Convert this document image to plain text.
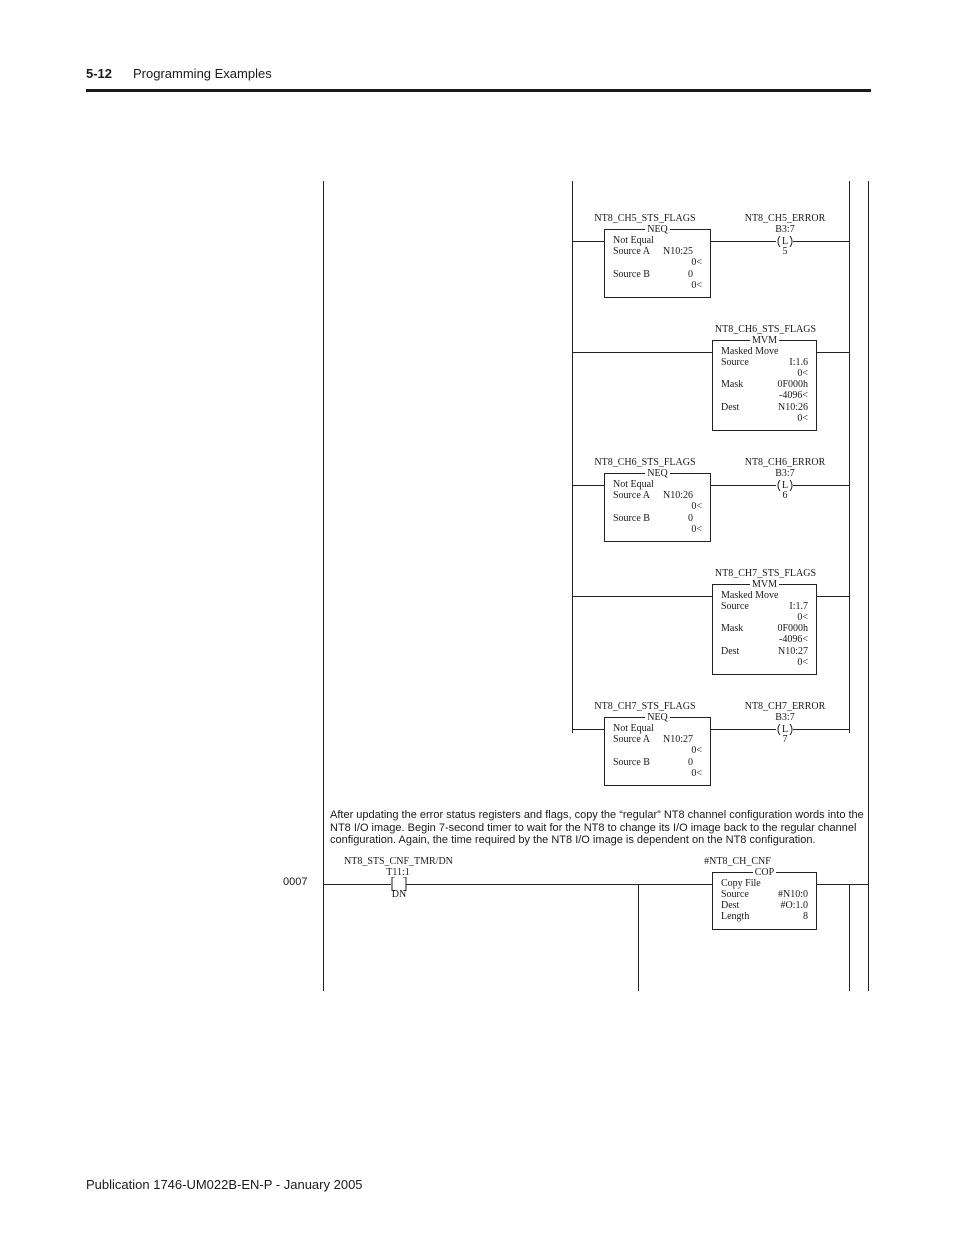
5-12 Programming Examples
NT8_CH5_STS_FLAGS
NEQ
Not Equal
Source A N10:25
0<
Source B	0
0<
NT8_CH5_ERROR
B3:7
L
5
NT8_CH6_STS_FLAGS
MVM
Masked Move
Source	I:1.6
0<
Mask	0F000h
-4096<
Dest	N10:26
0<
NT8_CH6_STS_FLAGS
NEQ
Not Equal
Source A N10:26
0<
Source B	0
0<
NT8_CH6_ERROR
B3:7
L
6
NT8_CH7_STS_FLAGS
MVM
Masked Move
Source	I:1.7
0<
Mask	0F000h
-4096<
Dest	N10:27
0<
NT8_CH7_STS_FLAGS
NEQ
Not Equal
Source A N10:27
0<
Source B	0
0<
NT8_CH7_ERROR
B3:7
L
7
After updating the error status registers and flags, copy the “regular” NT8 channel configuration words into the NT8 I/O image. Begin 7-second timer to wait for the NT8 to change its I/O image back to the regular channel configuration. Again, the time required by the NT8 I/O image is dependent on the NT8 configuration.
0007
NT8_STS_CNF_TMR/DN
T11:1
DN
#NT8_CH_CNF
COP
Copy File
Source	#N10:0
Dest	#O:1.0
Length	8
Publication 1746-UM022B-EN-P - January 2005
